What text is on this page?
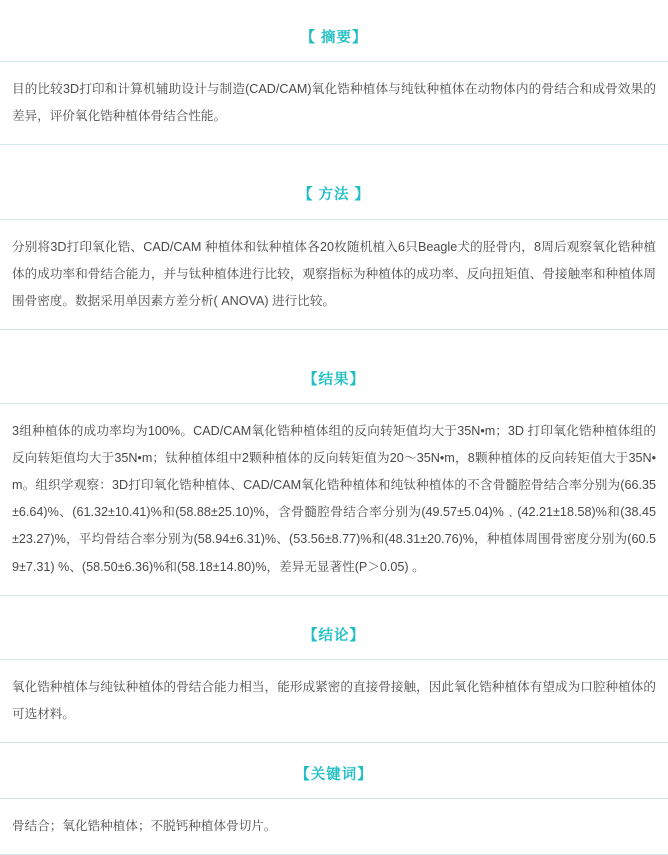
【 摘要】
目的比较3D打印和计算机辅助设计与制造(CAD/CAM)氧化锆种植体与纯钛种植体在动物体内的骨结合和成骨效果的差异，评价氧化锆种植体骨结合性能。
【 方法 】
分别将3D打印氧化锆、CAD/CAM 种植体和钛种植体各20枚随机植入6只Beagle犬的胫骨内，8周后观察氧化锆种植体的成功率和骨结合能力，并与钛种植体进行比较，观察指标为种植体的成功率、反向扭矩值、骨接触率和种植体周围骨密度。数据采用单因素方差分析( ANOVA) 进行比较。
【结果】
3组种植体的成功率均为100%。CAD/CAM氧化锆种植体组的反向转矩值均大于35N•m；3D 打印氧化锆种植体组的反向转矩值均大于35N•m；钛种植体组中2颗种植体的反向转矩值为20～35N•m，8颗种植体的反向转矩值大于35N•m。组织学观察：3D打印氧化锆种植体、CAD/CAM氧化锆种植体和纯钛种植体的不含骨髓腔骨结合率分别为(66.35±6.64)%、(61.32±10.41)%和(58.88±25.10)%，含骨髓腔骨结合率分别为(49.57±5.04)%﹑(42.21±18.58)%和(38.45±23.27)%，平均骨结合率分别为(58.94±6.31)%、(53.56±8.77)%和(48.31±20.76)%，种植体周围骨密度分别为(60.59±7.31) %、(58.50±6.36)%和(58.18±14.80)%，差异无显著性(P＞0.05) 。
【结论】
氧化锆种植体与纯钛种植体的骨结合能力相当，能形成紧密的直接骨接触，因此氧化锆种植体有望成为口腔种植体的可选材料。
【关键词】
骨结合；氧化锆种植体；不脱钙种植体骨切片。
